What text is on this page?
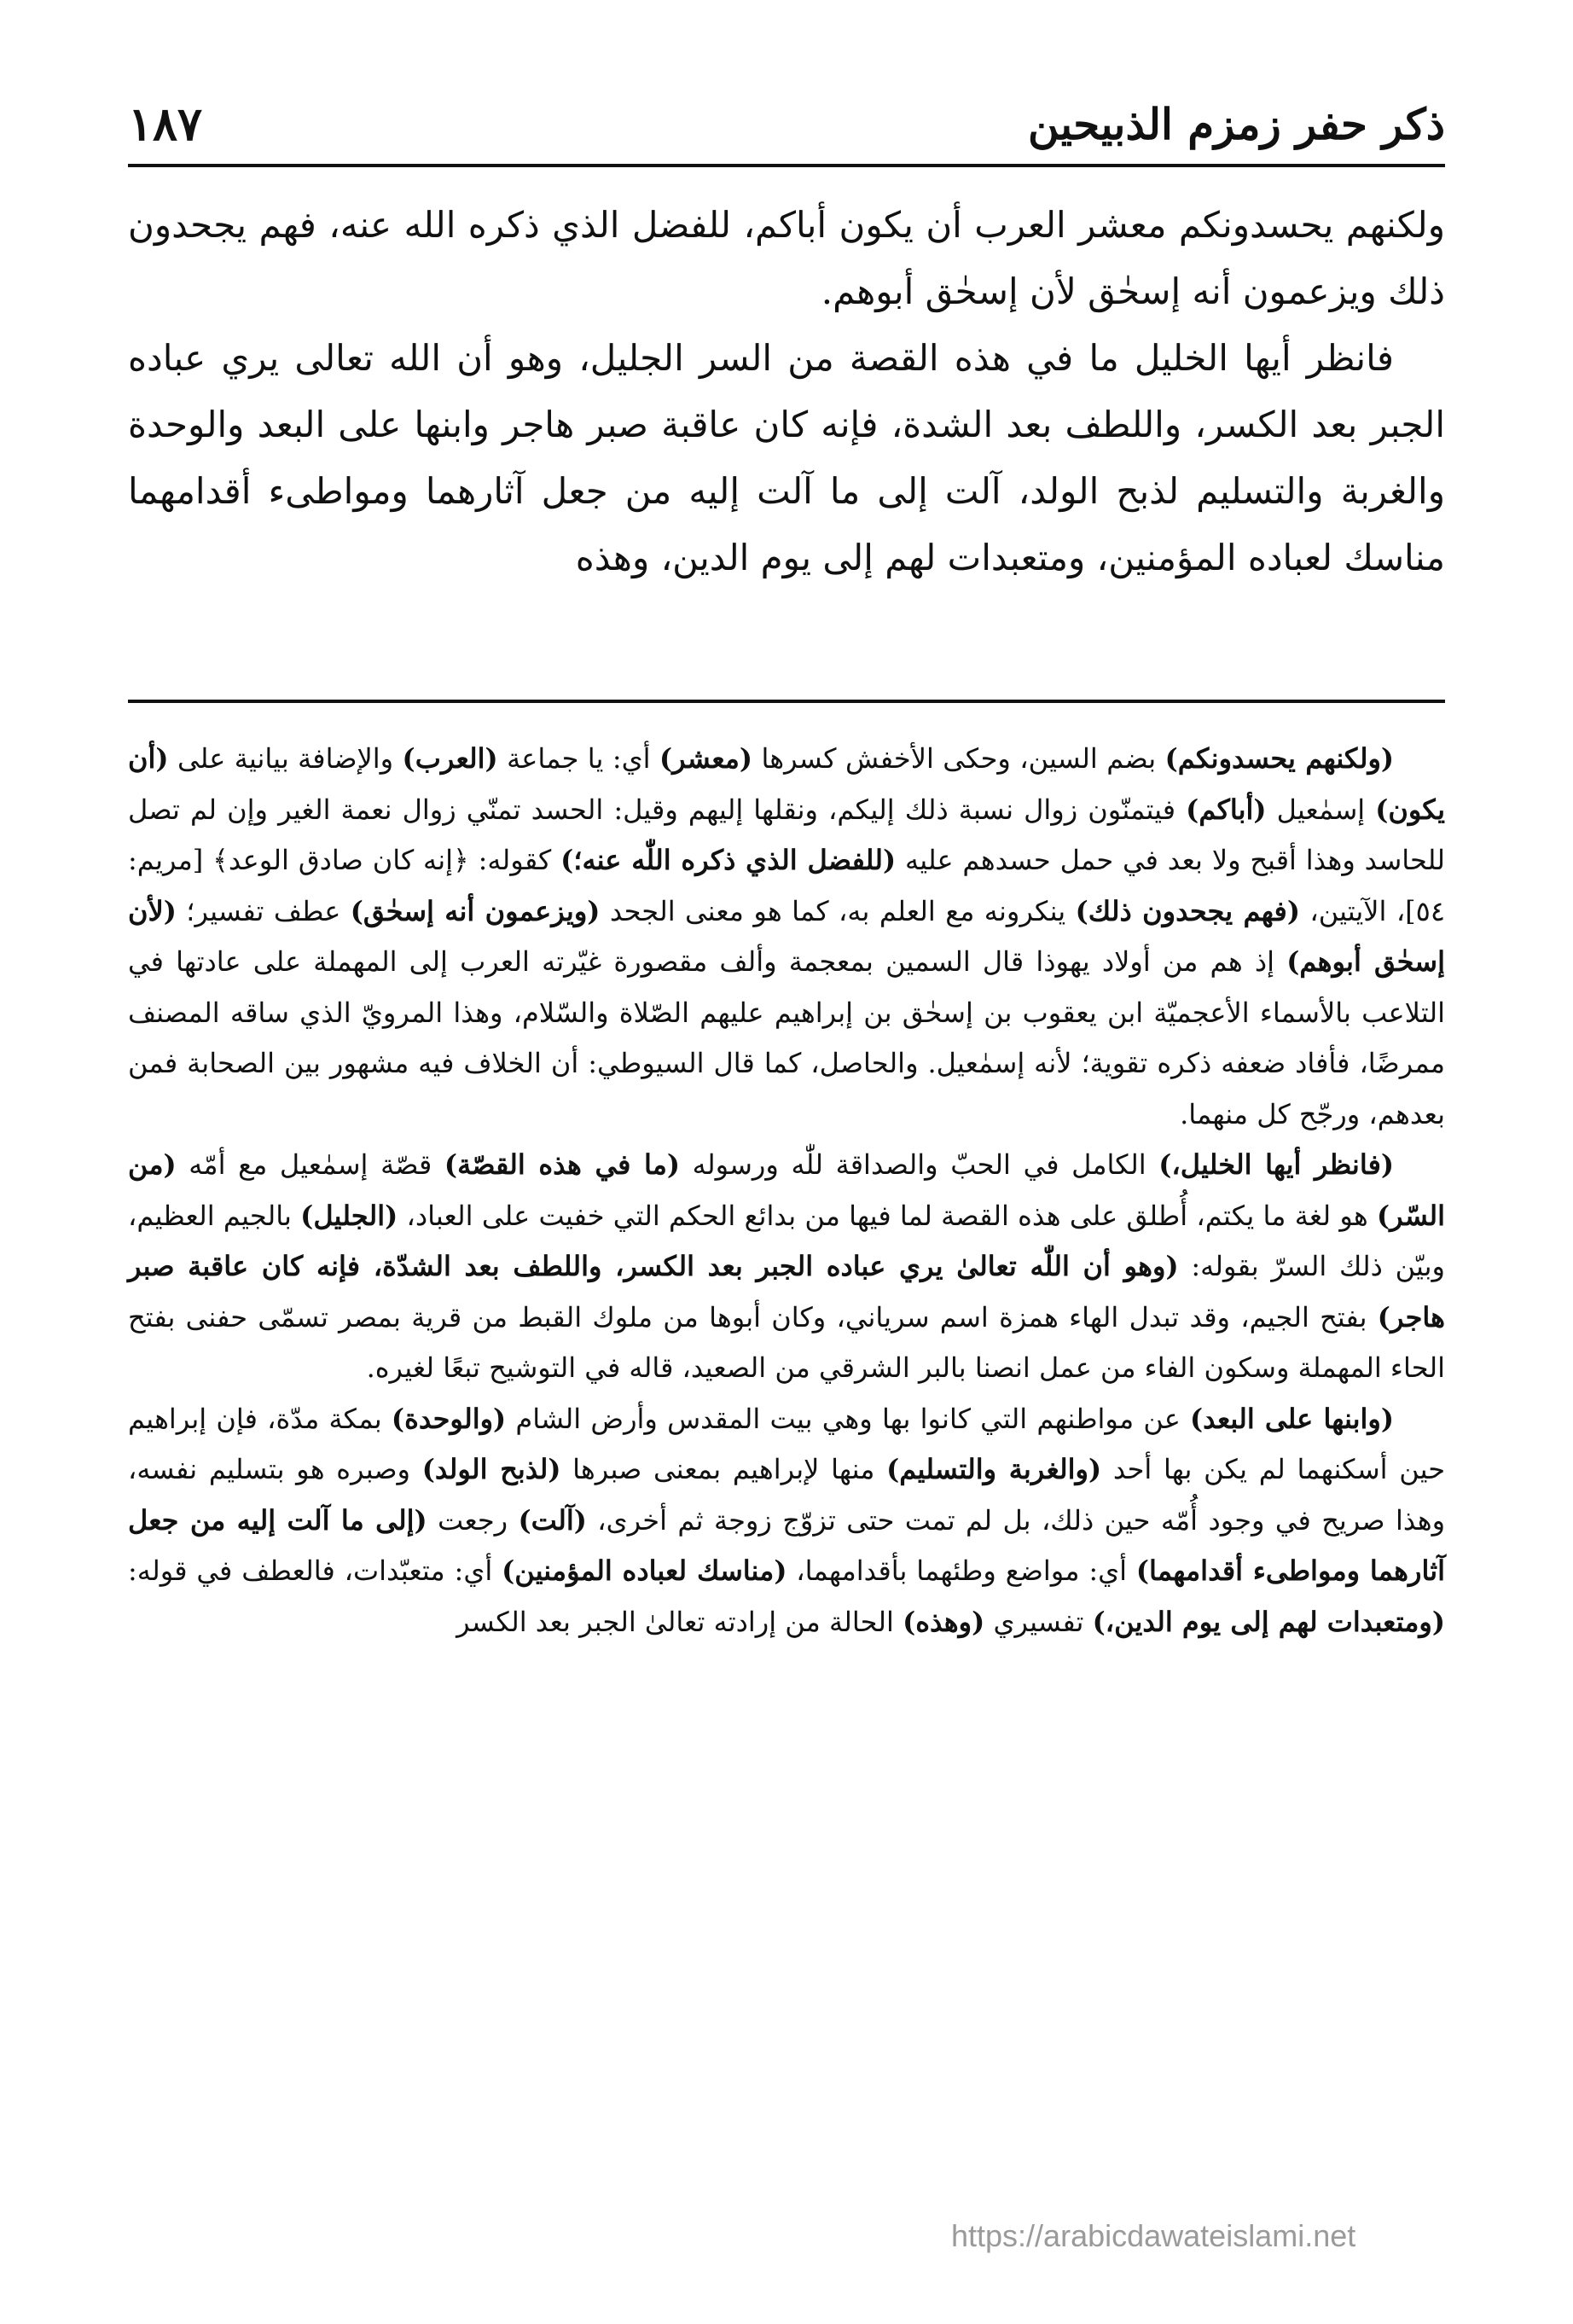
ذكر حفر زمزم الذبيحين
١٨٧

ولكنهم يحسدونكم معشر العرب أن يكون أباكم، للفضل الذي ذكره الله عنه، فهم يجحدون ذلك ويزعمون أنه إسحٰق لأن إسحٰق أبوهم.

فانظر أيها الخليل ما في هذه القصة من السر الجليل، وهو أن الله تعالى يري عباده الجبر بعد الكسر، واللطف بعد الشدة، فإنه كان عاقبة صبر هاجر وابنها على البعد والوحدة والغربة والتسليم لذبح الولد، آلت إلى ما آلت إليه من جعل آثارهما ومواطىء أقدامهما مناسك لعباده المؤمنين، ومتعبدات لهم إلى يوم الدين، وهذه

(ولكنهم يحسدونكم) بضم السين، وحكى الأخفش كسرها (معشر) أي: يا جماعة (العرب) والإضافة بيانية على (أن يكون) إسمٰعيل (أباكم) فيتمنّون زوال نسبة ذلك إليكم، ونقلها إليهم وقيل: الحسد تمنّي زوال نعمة الغير وإن لم تصل للحاسد وهذا أقبح ولا بعد في حمل حسدهم عليه (للفضل الذي ذكره اللّٰه عنه؛) كقوله: ﴿إنه كان صادق الوعد﴾ [مريم: ٥٤]، الآيتين، (فهم يجحدون ذلك) ينكرونه مع العلم به، كما هو معنى الجحد (ويزعمون أنه إسحٰق) عطف تفسير؛ (لأن إسحٰق أبوهم) إذ هم من أولاد يهوذا قال السمين بمعجمة وألف مقصورة غيّرته العرب إلى المهملة على عادتها في التلاعب بالأسماء الأعجميّة ابن يعقوب بن إسحٰق بن إبراهيم عليهم الصّلاة والسّلام، وهذا المرويّ الذي ساقه المصنف ممرضًا، فأفاد ضعفه ذكره تقوية؛ لأنه إسمٰعيل. والحاصل، كما قال السيوطي: أن الخلاف فيه مشهور بين الصحابة فمن بعدهم، ورجّح كل منهما.

(فانظر أيها الخليل،) الكامل في الحبّ والصداقة للّٰه ورسوله (ما في هذه القصّة) قصّة إسمٰعيل مع أمّه (من السّر) هو لغة ما يكتم، أُطلق على هذه القصة لما فيها من بدائع الحكم التي خفيت على العباد، (الجليل) بالجيم العظيم، وبيّن ذلك السرّ بقوله: (وهو أن اللّٰه تعالىٰ يري عباده الجبر بعد الكسر، واللطف بعد الشدّة، فإنه كان عاقبة صبر هاجر) بفتح الجيم، وقد تبدل الهاء همزة اسم سرياني، وكان أبوها من ملوك القبط من قرية بمصر تسمّى حفنى بفتح الحاء المهملة وسكون الفاء من عمل انصنا بالبر الشرقي من الصعيد، قاله في التوشيح تبعًا لغيره.

(وابنها على البعد) عن مواطنهم التي كانوا بها وهي بيت المقدس وأرض الشام (والوحدة) بمكة مدّة، فإن إبراهيم حين أسكنهما لم يكن بها أحد (والغربة والتسليم) منها لإبراهيم بمعنى صبرها (لذبح الولد) وصبره هو بتسليم نفسه، وهذا صريح في وجود أُمّه حين ذلك، بل لم تمت حتى تزوّج زوجة ثم أخرى، (آلت) رجعت (إلى ما آلت إليه من جعل آثارهما ومواطىء أقدامهما) أي: مواضع وطئهما بأقدامهما، (مناسك لعباده المؤمنين) أي: متعبّدات، فالعطف في قوله: (ومتعبدات لهم إلى يوم الدين،) تفسيري (وهذه) الحالة من إرادته تعالىٰ الجبر بعد الكسر

https://arabicdawateislami.net
